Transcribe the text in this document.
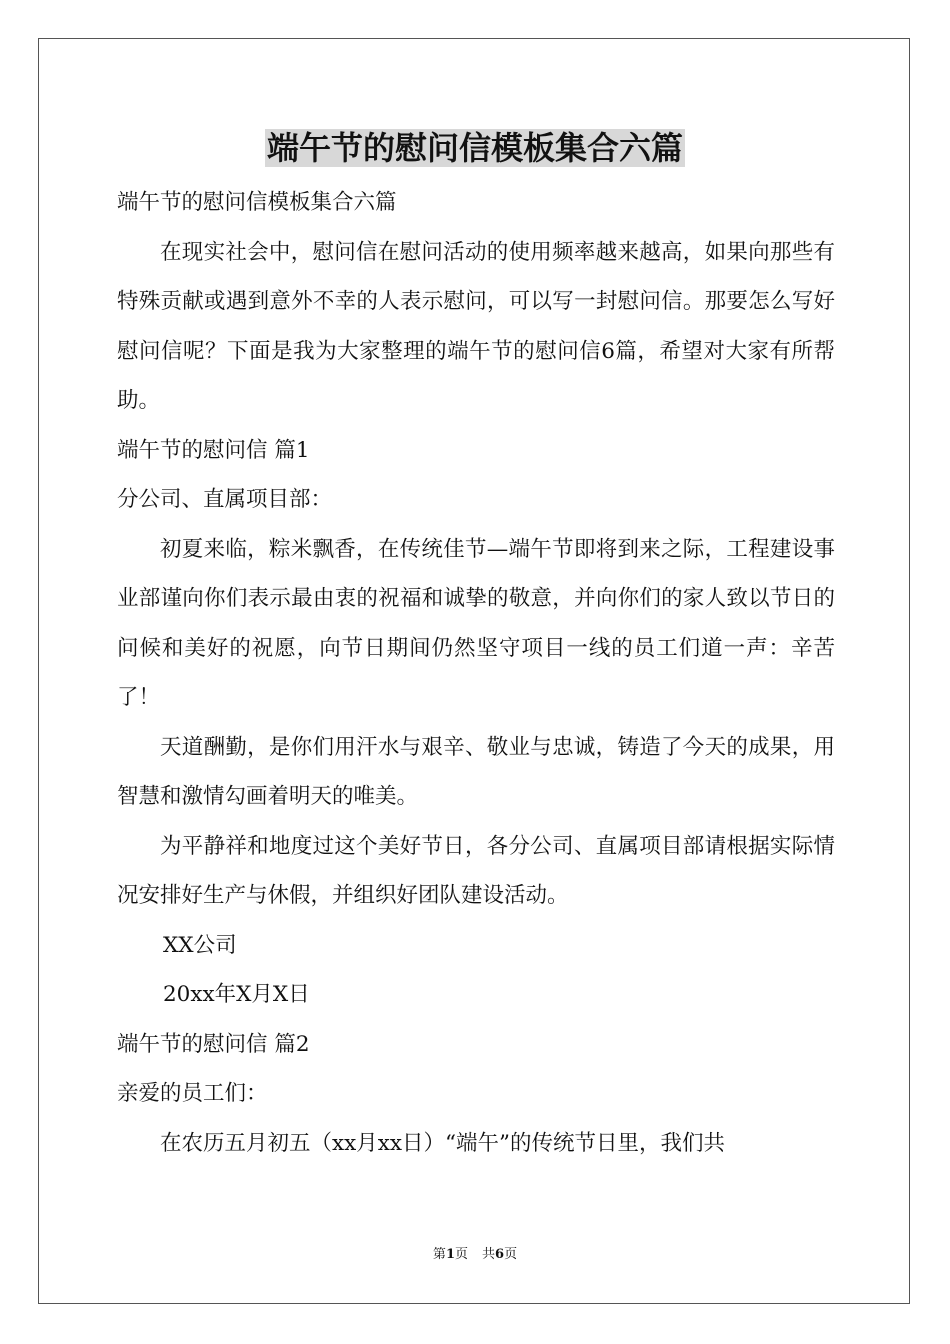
端午节的慰问信模板集合六篇

端午节的慰问信模板集合六篇

在现实社会中，慰问信在慰问活动的使用频率越来越高，如果向那些有特殊贡献或遇到意外不幸的人表示慰问，可以写一封慰问信。那要怎么写好慰问信呢？下面是我为大家整理的端午节的慰问信6篇，希望对大家有所帮助。

端午节的慰问信 篇1

分公司、直属项目部：

初夏来临，粽米飘香，在传统佳节—端午节即将到来之际，工程建设事业部谨向你们表示最由衷的祝福和诚挚的敬意，并向你们的家人致以节日的问候和美好的祝愿，向节日期间仍然坚守项目一线的员工们道一声：辛苦了！

天道酬勤，是你们用汗水与艰辛、敬业与忠诚，铸造了今天的成果，用智慧和激情勾画着明天的唯美。

为平静祥和地度过这个美好节日，各分公司、直属项目部请根据实际情况安排好生产与休假，并组织好团队建设活动。

XX公司

20xx年X月X日

端午节的慰问信 篇2

亲爱的员工们：

在农历五月初五（xx月xx日）“端午”的传统节日里，我们共

第1页 共6页
